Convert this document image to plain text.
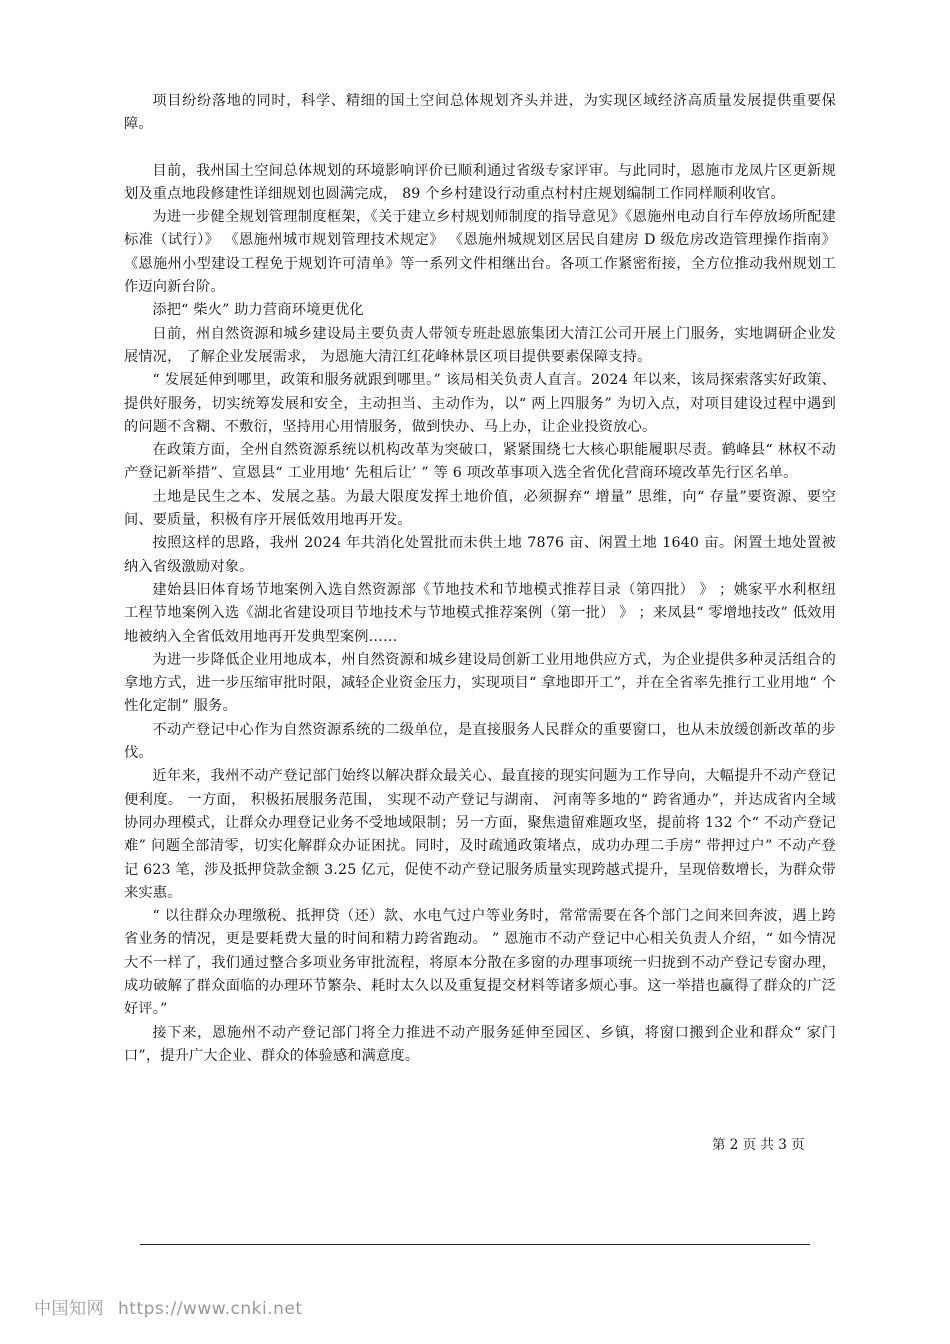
项目纷纷落地的同时，科学、精细的国土空间总体规划齐头并进，为实现区域经济高质量发展提供重要保障。

目前，我州国土空间总体规划的环境影响评价已顺利通过省级专家评审。与此同时，恩施市龙凤片区更新规划及重点地段修建性详细规划也圆满完成， 89 个乡村建设行动重点村村庄规划编制工作同样顺利收官。

为进一步健全规划管理制度框架，《关于建立乡村规划师制度的指导意见》《恩施州电动自行车停放场所配建标准（试行）》 《恩施州城市规划管理技术规定》 《恩施州城规划区居民自建房 D 级危房改造管理操作指南》 《恩施州小型建设工程免于规划许可清单》等一系列文件相继出台。各项工作紧密衔接，全方位推动我州规划工作迈向新台阶。

添把“ 柴火” 助力营商环境更优化

日前，州自然资源和城乡建设局主要负责人带领专班赴恩旅集团大清江公司开展上门服务，实地调研企业发展情况， 了解企业发展需求， 为恩施大清江红花峰林景区项目提供要素保障支持。

“ 发展延伸到哪里，政策和服务就跟到哪里。” 该局相关负责人直言。2024 年以来，该局探索落实好政策、提供好服务，切实统筹发展和安全，主动担当、主动作为，以“ 两上四服务” 为切入点，对项目建设过程中遇到的问题不含糊、不敷衍，坚持用心用情服务，做到快办、马上办，让企业投资放心。

在政策方面，全州自然资源系统以机构改革为突破口，紧紧围绕七大核心职能履职尽责。鹤峰县“ 林权不动产登记新举措”、宣恩县“ 工业用地‘ 先租后让’ ” 等 6 项改革事项入选全省优化营商环境改革先行区名单。

土地是民生之本、发展之基。为最大限度发挥土地价值，必须摒弃“ 增量” 思维，向“ 存量”要资源、要空间、要质量，积极有序开展低效用地再开发。

按照这样的思路，我州 2024 年共消化处置批而未供土地 7876 亩、闲置土地 1640 亩。闲置土地处置被纳入省级激励对象。

建始县旧体育场节地案例入选自然资源部《节地技术和节地模式推荐目录（第四批） 》 ；姚家平水利枢纽工程节地案例入选《湖北省建设项目节地技术与节地模式推荐案例（第一批） 》 ；来凤县“ 零增地技改” 低效用地被纳入全省低效用地再开发典型案例……

为进一步降低企业用地成本，州自然资源和城乡建设局创新工业用地供应方式，为企业提供多种灵活组合的拿地方式，进一步压缩审批时限，减轻企业资金压力，实现项目“ 拿地即开工”，并在全省率先推行工业用地“ 个性化定制” 服务。

不动产登记中心作为自然资源系统的二级单位，是直接服务人民群众的重要窗口，也从未放缓创新改革的步伐。

近年来，我州不动产登记部门始终以解决群众最关心、最直接的现实问题为工作导向，大幅提升不动产登记便利度。 一方面， 积极拓展服务范围， 实现不动产登记与湖南、 河南等多地的“ 跨省通办”，并达成省内全域协同办理模式，让群众办理登记业务不受地域限制；另一方面，聚焦遗留难题攻坚，提前将 132 个“ 不动产登记难” 问题全部清零，切实化解群众办证困扰。同时，及时疏通政策堵点，成功办理二手房“ 带押过户” 不动产登记 623 笔，涉及抵押贷款金额 3.25 亿元，促使不动产登记服务质量实现跨越式提升，呈现倍数增长，为群众带来实惠。

“ 以往群众办理缴税、抵押贷（还）款、水电气过户等业务时，常常需要在各个部门之间来回奔波，遇上跨省业务的情况，更是要耗费大量的时间和精力跨省跑动。 ” 恩施市不动产登记中心相关负责人介绍，“ 如今情况大不一样了，我们通过整合多项业务审批流程，将原本分散在多窗的办理事项统一归拢到不动产登记专窗办理，成功破解了群众面临的办理环节繁杂、耗时太久以及重复提交材料等诸多烦心事。这一举措也赢得了群众的广泛好评。”

接下来，恩施州不动产登记部门将全力推进不动产服务延伸至园区、乡镇，将窗口搬到企业和群众“ 家门口”，提升广大企业、群众的体验感和满意度。

第 2 页 共 3 页
中国知网 https://www.cnki.net
